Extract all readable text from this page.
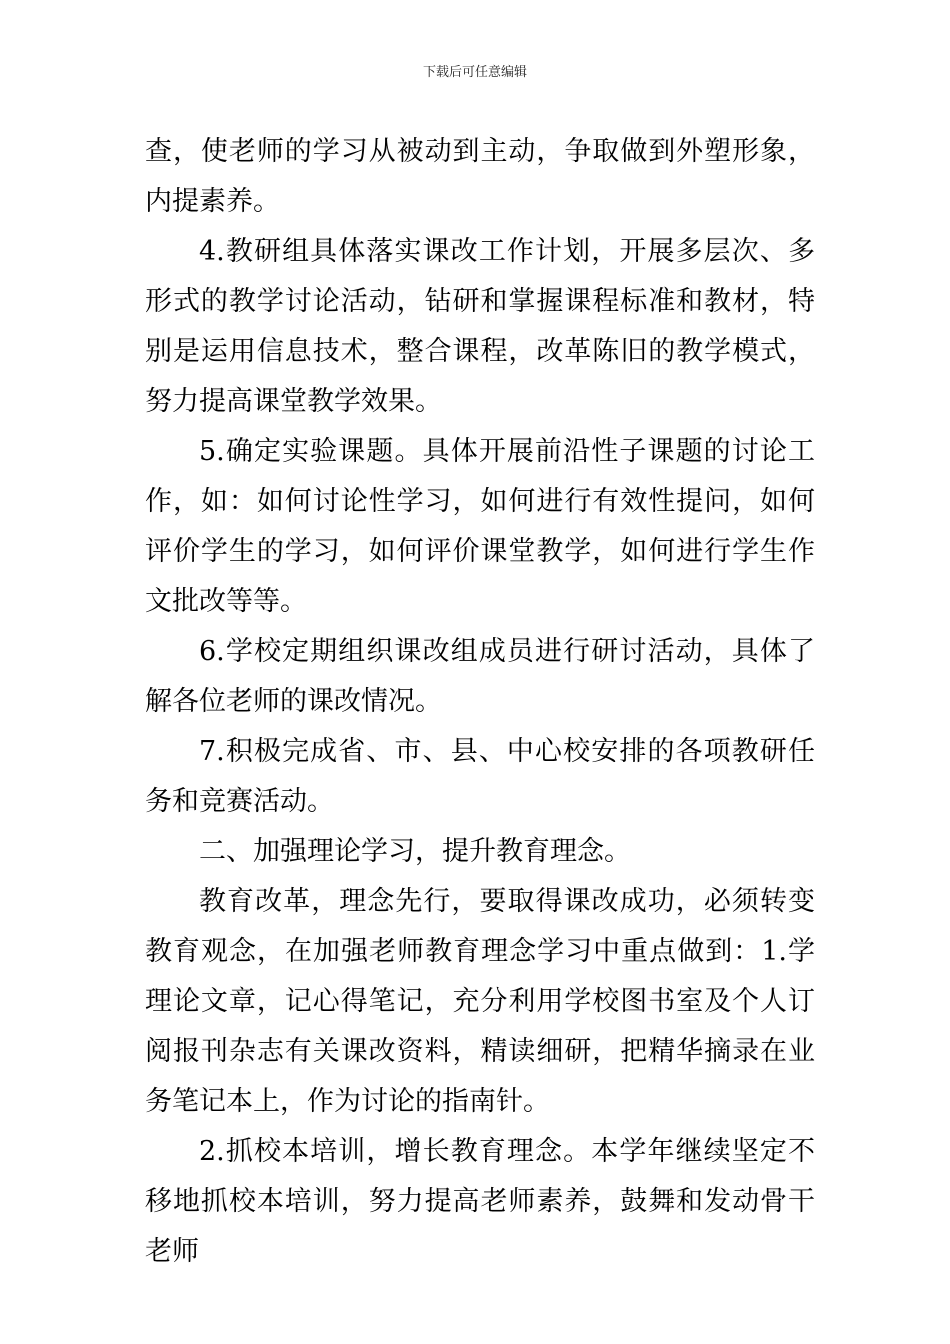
下载后可任意编辑

查，使老师的学习从被动到主动，争取做到外塑形象，内提素养。

4.教研组具体落实课改工作计划，开展多层次、多形式的教学讨论活动，钻研和掌握课程标准和教材，特别是运用信息技术，整合课程，改革陈旧的教学模式，努力提高课堂教学效果。

5.确定实验课题。具体开展前沿性子课题的讨论工作，如：如何讨论性学习，如何进行有效性提问，如何评价学生的学习，如何评价课堂教学，如何进行学生作文批改等等。

6.学校定期组织课改组成员进行研讨活动，具体了解各位老师的课改情况。

7.积极完成省、市、县、中心校安排的各项教研任务和竞赛活动。

二、加强理论学习，提升教育理念。

教育改革，理念先行，要取得课改成功，必须转变教育观念，在加强老师教育理念学习中重点做到：1.学理论文章，记心得笔记，充分利用学校图书室及个人订阅报刊杂志有关课改资料，精读细研，把精华摘录在业务笔记本上，作为讨论的指南针。

2.抓校本培训，增长教育理念。本学年继续坚定不移地抓校本培训，努力提高老师素养，鼓舞和发动骨干老师
